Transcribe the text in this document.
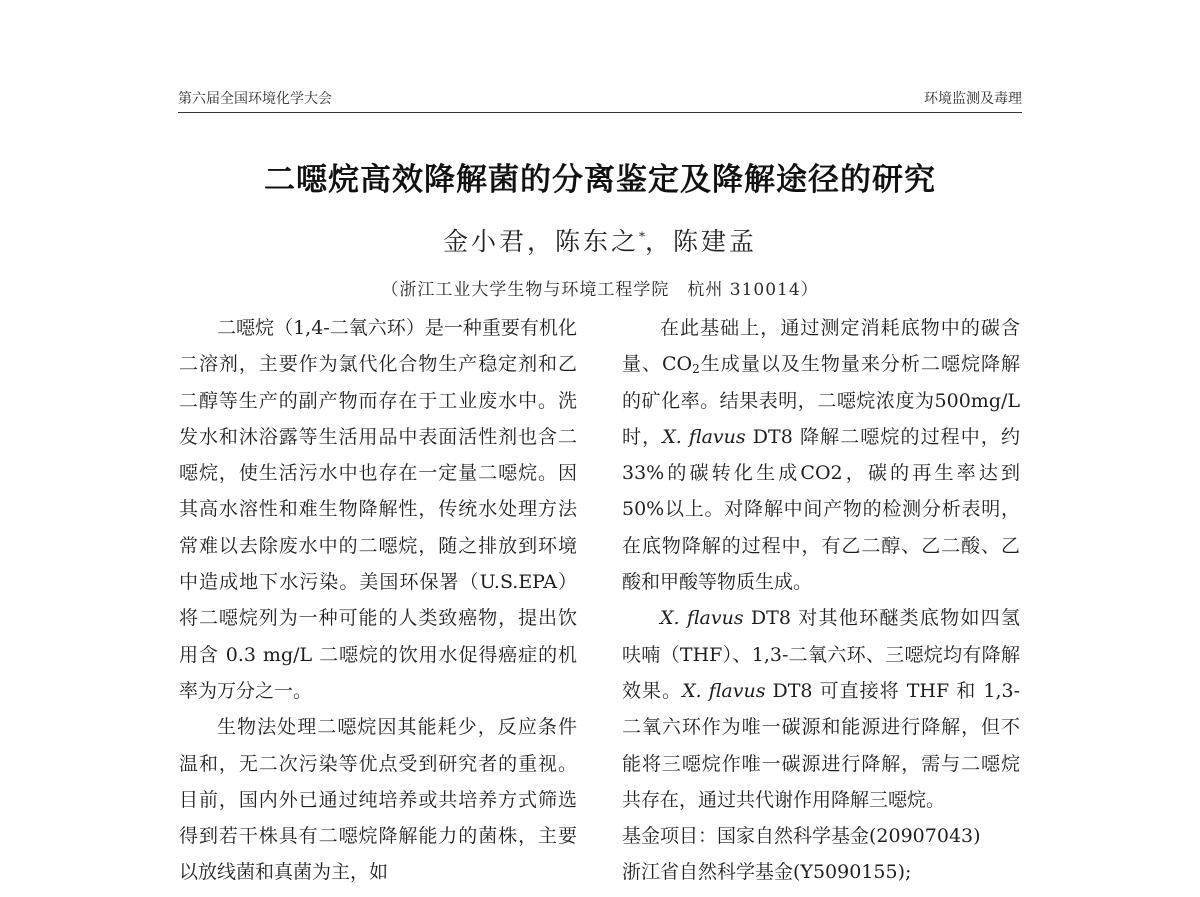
第六届全国环境化学大会	环境监测及毒理
二噁烷高效降解菌的分离鉴定及降解途径的研究
金小君，陈东之*，陈建孟
（浙江工业大学生物与环境工程学院　杭州 310014）

二噁烷（1,4-二氧六环）是一种重要有机化二溶剂，主要作为氯代化合物生产稳定剂和乙二醇等生产的副产物而存在于工业废水中。洗发水和沐浴露等生活用品中表面活性剂也含二噁烷，使生活污水中也存在一定量二噁烷。因其高水溶性和难生物降解性，传统水处理方法常难以去除废水中的二噁烷，随之排放到环境中造成地下水污染。美国环保署（U.S.EPA）将二噁烷列为一种可能的人类致癌物，提出饮用含 0.3 mg/L 二噁烷的饮用水促得癌症的机率为万分之一。

生物法处理二噁烷因其能耗少，反应条件温和，无二次污染等优点受到研究者的重视。目前，国内外已通过纯培养或共培养方式筛选得到若干株具有二噁烷降解能力的菌株，主要以放线菌和真菌为主，如

在此基础上，通过测定消耗底物中的碳含量、$CO_2$生成量以及生物量来分析二噁烷降解的矿化率。结果表明，二噁烷浓度为500mg/L时，X. flavus DT8 降解二噁烷的过程中，约 33%的碳转化生成CO2，碳的再生率达到 50%以上。对降解中间产物的检测分析表明，在底物降解的过程中，有乙二醇、乙二酸、乙酸和甲酸等物质生成。

X. flavus DT8 对其他环醚类底物如四氢呋喃（THF）、1,3-二氧六环、三噁烷均有降解效果。X. flavus DT8 可直接将 THF 和 1,3-二氧六环作为唯一碳源和能源进行降解，但不能将三噁烷作唯一碳源进行降解，需与二噁烷共存在，通过共代谢作用降解三噁烷。

基金项目：国家自然科学基金(20907043)

浙江省自然科学基金(Y5090155);
